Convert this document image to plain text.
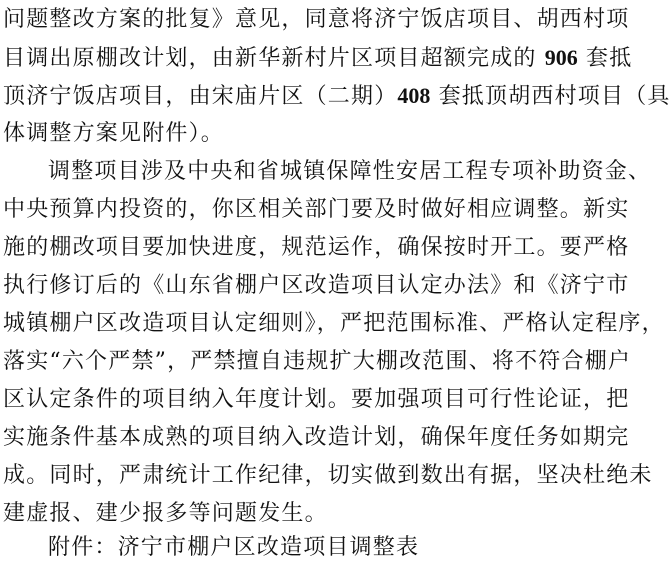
问题整改方案的批复》意见，同意将济宁饭店项目、胡西村项
目调出原棚改计划，由新华新村片区项目超额完成的 906 套抵
顶济宁饭店项目，由宋庙片区（二期）408 套抵顶胡西村项目（具
体调整方案见附件）。
调整项目涉及中央和省城镇保障性安居工程专项补助资金、
中央预算内投资的，你区相关部门要及时做好相应调整。新实
施的棚改项目要加快进度，规范运作，确保按时开工。要严格
执行修订后的《山东省棚户区改造项目认定办法》和《济宁市
城镇棚户区改造项目认定细则》，严把范围标准、严格认定程序，
落实“六个严禁”，严禁擅自违规扩大棚改范围、将不符合棚户
区认定条件的项目纳入年度计划。要加强项目可行性论证，把
实施条件基本成熟的项目纳入改造计划，确保年度任务如期完
成。同时，严肃统计工作纪律，切实做到数出有据，坚决杜绝未
建虚报、建少报多等问题发生。
附件：济宁市棚户区改造项目调整表
